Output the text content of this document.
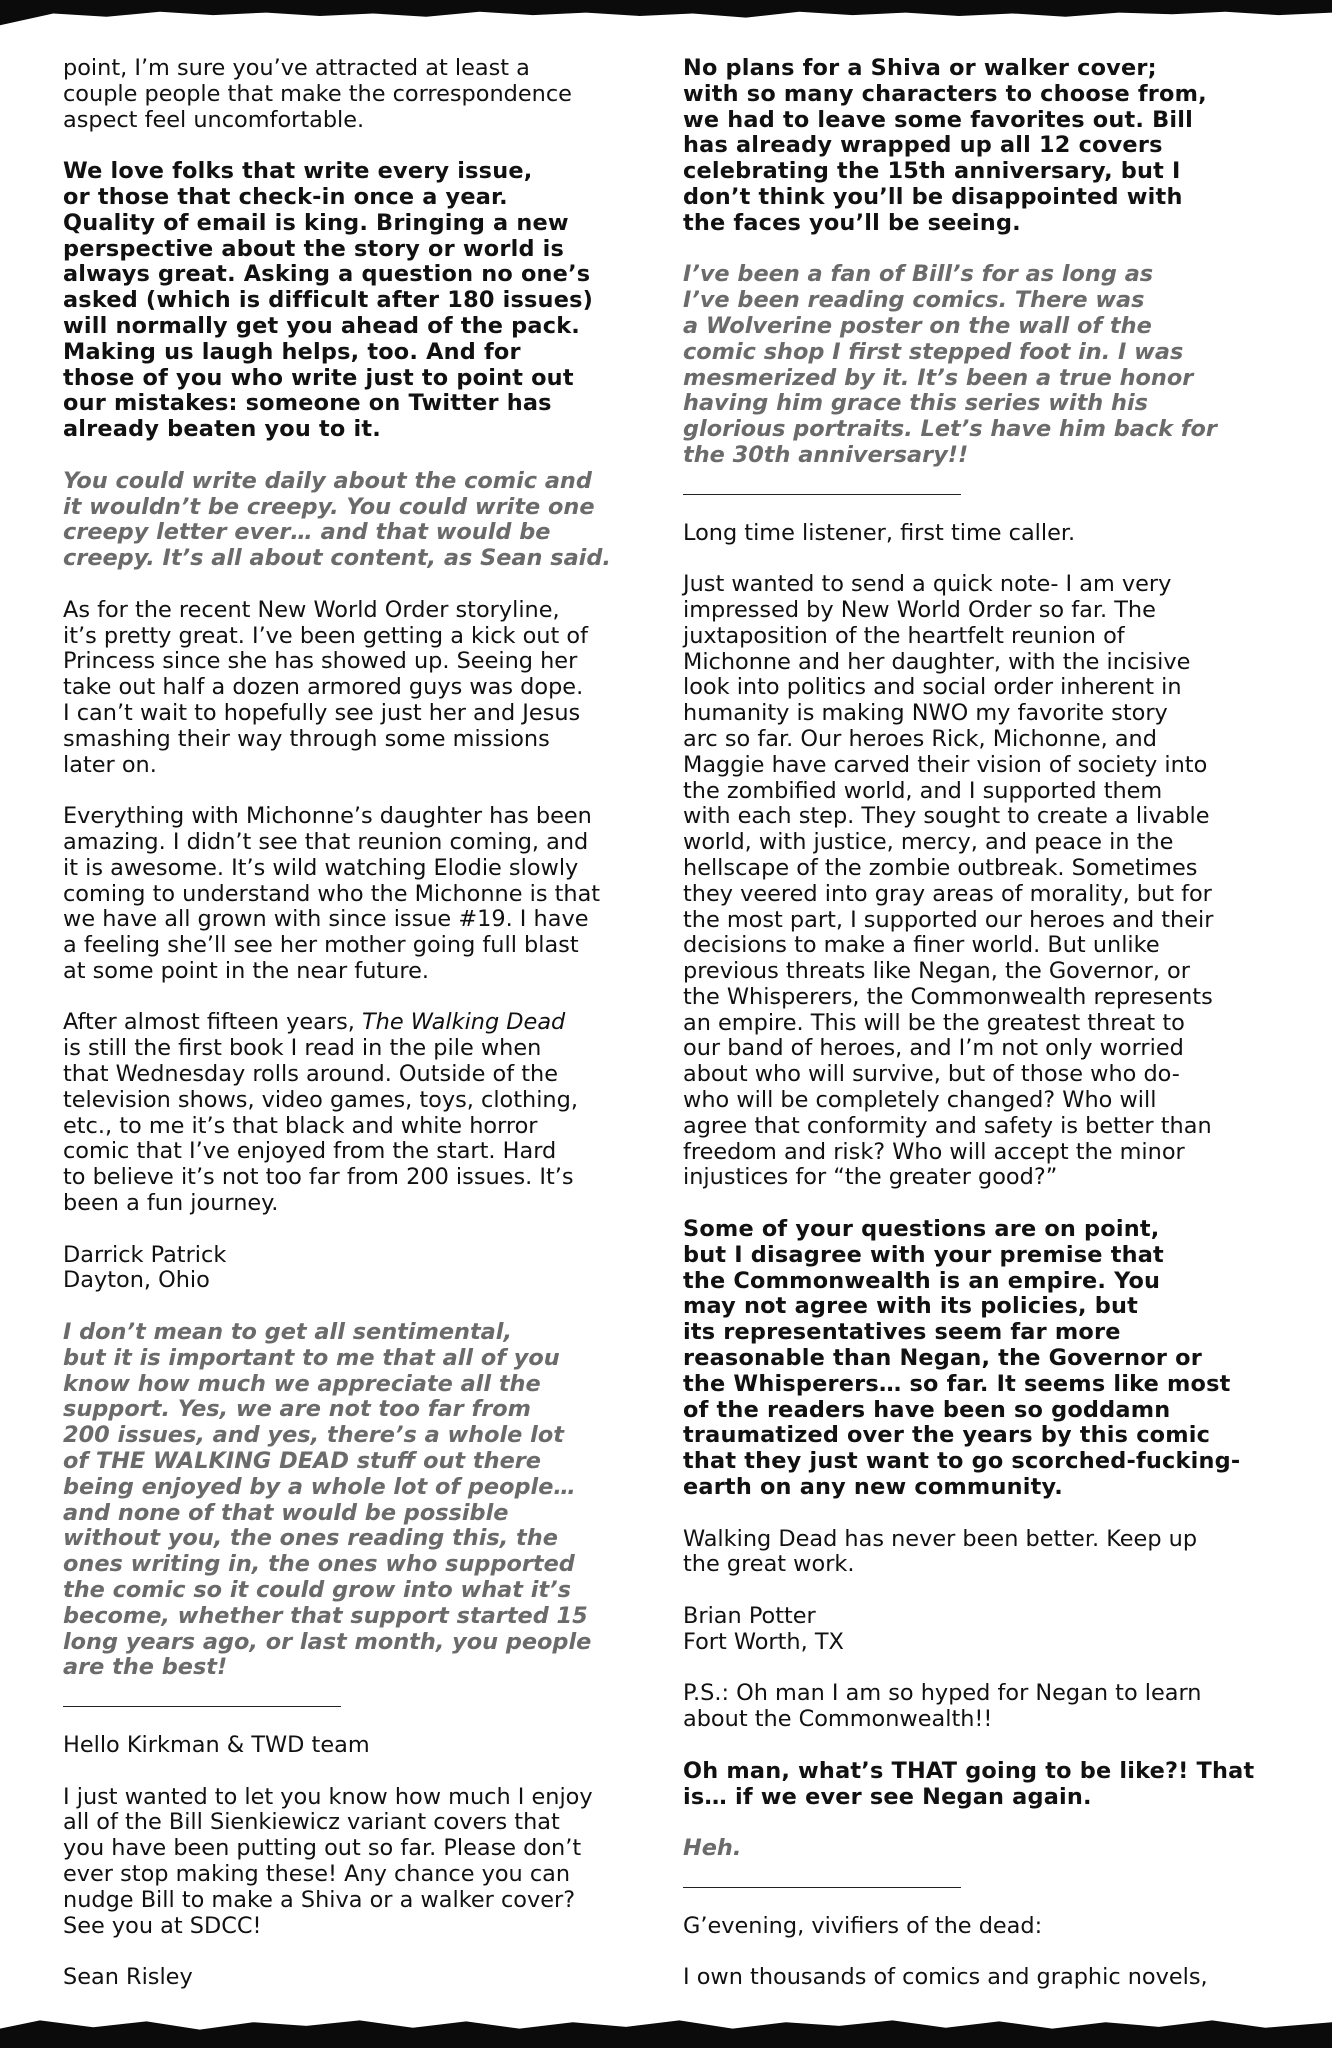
point, I’m sure you’ve attracted at least a
couple people that make the correspondence
aspect feel uncomfortable.

We love folks that write every issue,
or those that check-in once a year.
Quality of email is king. Bringing a new
perspective about the story or world is
always great. Asking a question no one’s
asked (which is difficult after 180 issues)
will normally get you ahead of the pack.
Making us laugh helps, too. And for
those of you who write just to point out
our mistakes: someone on Twitter has
already beaten you to it.

You could write daily about the comic and
it wouldn’t be creepy. You could write one
creepy letter ever… and that would be
creepy. It’s all about content, as Sean said.

As for the recent New World Order storyline,
it’s pretty great. I’ve been getting a kick out of
Princess since she has showed up. Seeing her
take out half a dozen armored guys was dope.
I can’t wait to hopefully see just her and Jesus
smashing their way through some missions
later on.

Everything with Michonne’s daughter has been
amazing. I didn’t see that reunion coming, and
it is awesome. It’s wild watching Elodie slowly
coming to understand who the Michonne is that
we have all grown with since issue #19. I have
a feeling she’ll see her mother going full blast
at some point in the near future.

After almost fifteen years, The Walking Dead
is still the first book I read in the pile when
that Wednesday rolls around. Outside of the
television shows, video games, toys, clothing,
etc., to me it’s that black and white horror
comic that I’ve enjoyed from the start. Hard
to believe it’s not too far from 200 issues. It’s
been a fun journey.

Darrick Patrick
Dayton, Ohio

I don’t mean to get all sentimental,
but it is important to me that all of you
know how much we appreciate all the
support. Yes, we are not too far from
200 issues, and yes, there’s a whole lot
of THE WALKING DEAD stuff out there
being enjoyed by a whole lot of people…
and none of that would be possible
without you, the ones reading this, the
ones writing in, the ones who supported
the comic so it could grow into what it’s
become, whether that support started 15
long years ago, or last month, you people
are the best!

Hello Kirkman & TWD team

I just wanted to let you know how much I enjoy
all of the Bill Sienkiewicz variant covers that
you have been putting out so far. Please don’t
ever stop making these! Any chance you can
nudge Bill to make a Shiva or a walker cover?
See you at SDCC!

Sean Risley

No plans for a Shiva or walker cover;
with so many characters to choose from,
we had to leave some favorites out. Bill
has already wrapped up all 12 covers
celebrating the 15th anniversary, but I
don’t think you’ll be disappointed with
the faces you’ll be seeing.

I’ve been a fan of Bill’s for as long as
I’ve been reading comics. There was
a Wolverine poster on the wall of the
comic shop I first stepped foot in. I was
mesmerized by it. It’s been a true honor
having him grace this series with his
glorious portraits. Let’s have him back for
the 30th anniversary!!

Long time listener, first time caller.

Just wanted to send a quick note- I am very
impressed by New World Order so far. The
juxtaposition of the heartfelt reunion of
Michonne and her daughter, with the incisive
look into politics and social order inherent in
humanity is making NWO my favorite story
arc so far. Our heroes Rick, Michonne, and
Maggie have carved their vision of society into
the zombified world, and I supported them
with each step. They sought to create a livable
world, with justice, mercy, and peace in the
hellscape of the zombie outbreak. Sometimes
they veered into gray areas of morality, but for
the most part, I supported our heroes and their
decisions to make a finer world. But unlike
previous threats like Negan, the Governor, or
the Whisperers, the Commonwealth represents
an empire. This will be the greatest threat to
our band of heroes, and I’m not only worried
about who will survive, but of those who do-
who will be completely changed? Who will
agree that conformity and safety is better than
freedom and risk? Who will accept the minor
injustices for “the greater good?”

Some of your questions are on point,
but I disagree with your premise that
the Commonwealth is an empire. You
may not agree with its policies, but
its representatives seem far more
reasonable than Negan, the Governor or
the Whisperers… so far. It seems like most
of the readers have been so goddamn
traumatized over the years by this comic
that they just want to go scorched-fucking-
earth on any new community.

Walking Dead has never been better. Keep up
the great work.

Brian Potter
Fort Worth, TX

P.S.: Oh man I am so hyped for Negan to learn
about the Commonwealth!!

Oh man, what’s THAT going to be like?! That
is… if we ever see Negan again.

Heh.

G’evening, vivifiers of the dead:

I own thousands of comics and graphic novels,
